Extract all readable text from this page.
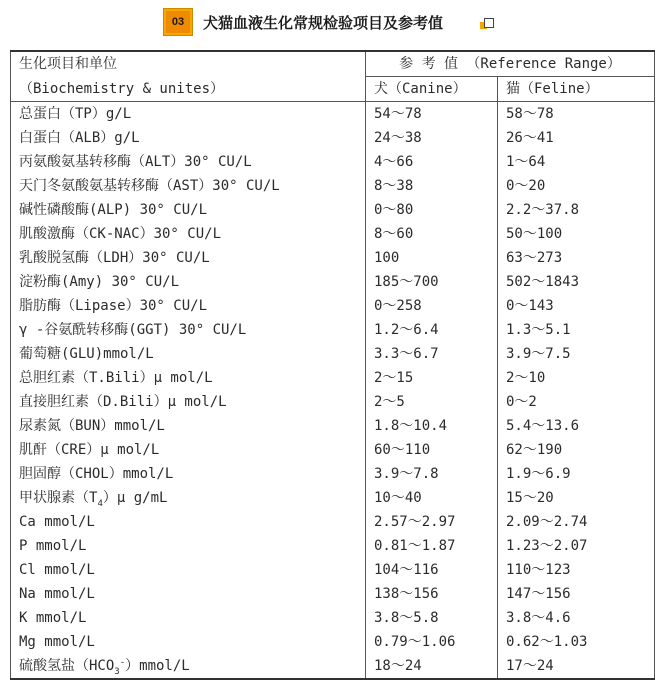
03	犬猫血液生化常规检验项目及参考值
生化项目和单位	参 考 值 （Reference Range）	
（Biochemistry & unites）	犬（Canine）	猫（Feline）
总蛋白（TP）g/L	54～78	58～78
白蛋白（ALB）g/L	24～38	26～41
丙氨酸氨基转移酶（ALT）30° CU/L	4～66	1～64
天门冬氨酸氨基转移酶（AST）30° CU/L	8～38	0～20
碱性磷酸酶(ALP) 30° CU/L	0～80	2.2～37.8
肌酸激酶（CK-NAC）30° CU/L	8～60	50～100
乳酸脱氢酶（LDH）30° CU/L	100	63～273
淀粉酶(Amy) 30° CU/L	185～700	502～1843
脂肪酶（Lipase）30° CU/L	0～258	0～143
γ -谷氨酰转移酶(GGT) 30° CU/L	1.2～6.4	1.3～5.1
葡萄糖(GLU)mmol/L	3.3～6.7	3.9～7.5
总胆红素（T.Bili）μ mol/L	2～15	2～10
直接胆红素（D.Bili）μ mol/L	2～5	0～2
尿素氮（BUN）mmol/L	1.8～10.4	5.4～13.6
肌酐（CRE）μ mol/L	60～110	62～190
胆固醇（CHOL）mmol/L	3.9～7.8	1.9～6.9
甲状腺素$(T_4)\mu$ g/mL	10～40	15～20
Ca mmol/L	2.57～2.97	2.09～2.74
P mmol/L	0.81～1.87	1.23～2.07
Cl mmol/L	104～116	110～123
Na mmol/L	138～156	147～156
K mmol/L	3.8～5.8	3.8～4.6
Mg mmol/L	0.79～1.06	0.62～1.03
硫酸氢盐$(HCO_3^-)mmol/L$	18～24	17～24
